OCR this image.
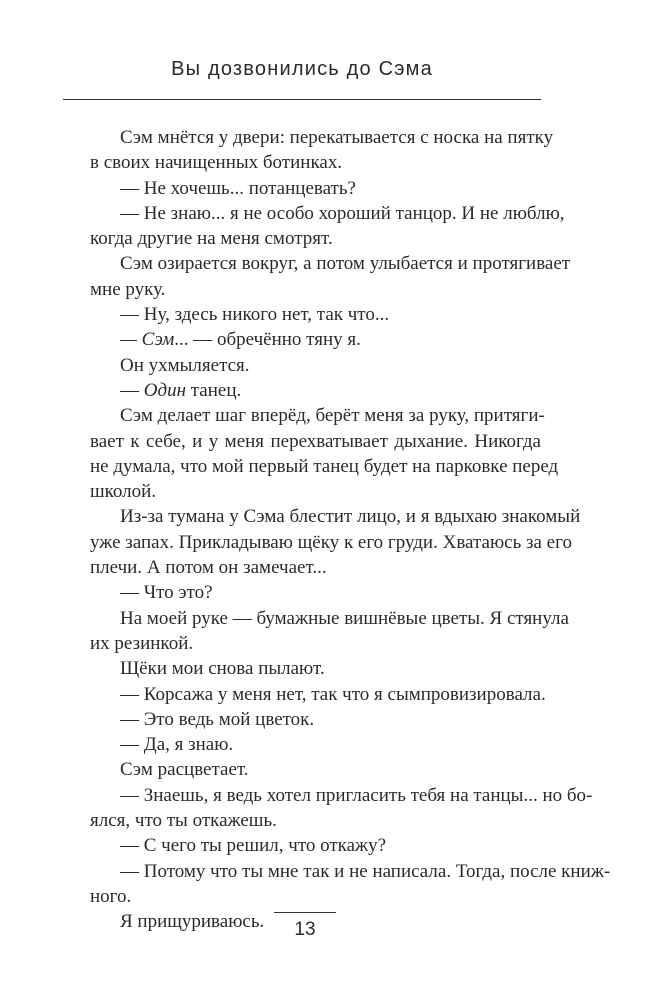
Вы дозвонились до Сэма
Сэм мнётся у двери: перекатывается с носка на пятку
в своих начищенных ботинках.
— Не хочешь... потанцевать?
— Не знаю... я не особо хороший танцор. И не люблю,
когда другие на меня смотрят.
Сэм озирается вокруг, а потом улыбается и протягивает
мне руку.
— Ну, здесь никого нет, так что...
— Сэм... — обречённо тяну я.
Он ухмыляется.
— Один танец.
Сэм делает шаг вперёд, берёт меня за руку, притяги-
вает к себе, и у меня перехватывает дыхание. Никогда
не думала, что мой первый танец будет на парковке перед
школой.
Из-за тумана у Сэма блестит лицо, и я вдыхаю знакомый
уже запах. Прикладываю щёку к его груди. Хватаюсь за его
плечи. А потом он замечает...
— Что это?
На моей руке — бумажные вишнёвые цветы. Я стянула
их резинкой.
Щёки мои снова пылают.
— Корсажа у меня нет, так что я сымпровизировала.
— Это ведь мой цветок.
— Да, я знаю.
Сэм расцветает.
— Знаешь, я ведь хотел пригласить тебя на танцы... но бо-
ялся, что ты откажешь.
— С чего ты решил, что откажу?
— Потому что ты мне так и не написала. Тогда, после книж-
ного.
Я прищуриваюсь.	13
